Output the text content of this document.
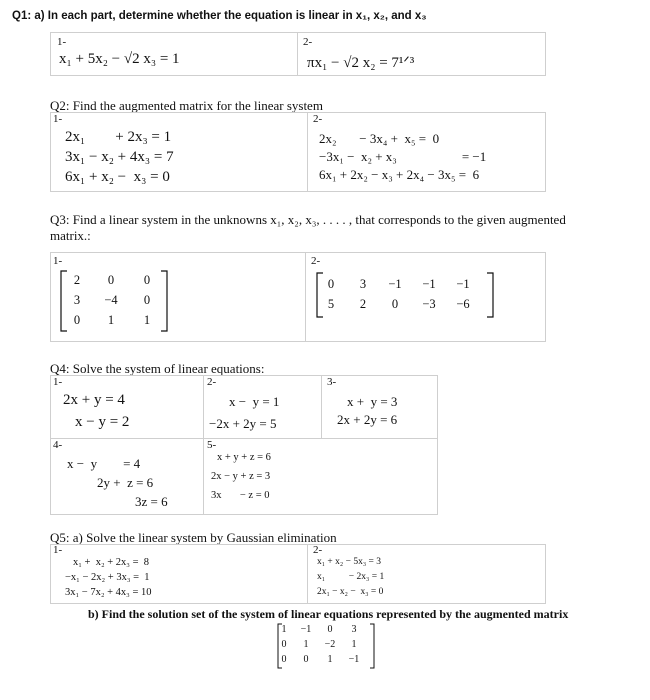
Q1: a) In each part, determine whether the equation is linear in x₁, x₂, and x₃
1-
x₁ + 5x₂ − √2 x₃ = 1
2-
πx₁ − √2 x₂ = 7¹ᐟ³
Q2: Find the augmented matrix for the linear system
1-
2x₁        + 2x₃ = 1
3x₁ − x₂ + 4x₃ = 7
6x₁ + x₂ −  x₃ = 0
2-
2x₂       − 3x₄ +  x₅ =  0
−3x₁ −  x₂ + x₃                    = −1
6x₁ + 2x₂ − x₃ + 2x₄ − 3x₅ =  6
Q3: Find a linear system in the unknowns x₁, x₂, x₃, . . . . , that corresponds to the given augmented
matrix.:
1-
2	0	0
3	−4	0
0	1	1
2-
0	3	−1	−1	−1
5	2	0	−3	−6
Q4: Solve the system of linear equations:
1-
2x + y = 4
x − y = 2
2-
x −  y = 1
−2x + 2y = 5
3-
x +  y = 3
2x + 2y = 6
4-
x −  y        = 4
2y +  z = 6
3z = 6
5-
x + y + z = 6
2x − y + z = 3
3x       − z = 0
Q5: a) Solve the linear system by Gaussian elimination
1-
x₁ +  x₂ + 2x₃ =  8
−x₁ − 2x₂ + 3x₃ =  1
3x₁ − 7x₂ + 4x₃ = 10
2-
x₁ + x₂ − 5x₃ = 3
x₁          − 2x₃ = 1
2x₁ − x₂ −  x₃ = 0
b) Find the solution set of the system of linear equations represented by the augmented matrix
1	−1	0	3
0	1	−2	1
0	0	1	−1
